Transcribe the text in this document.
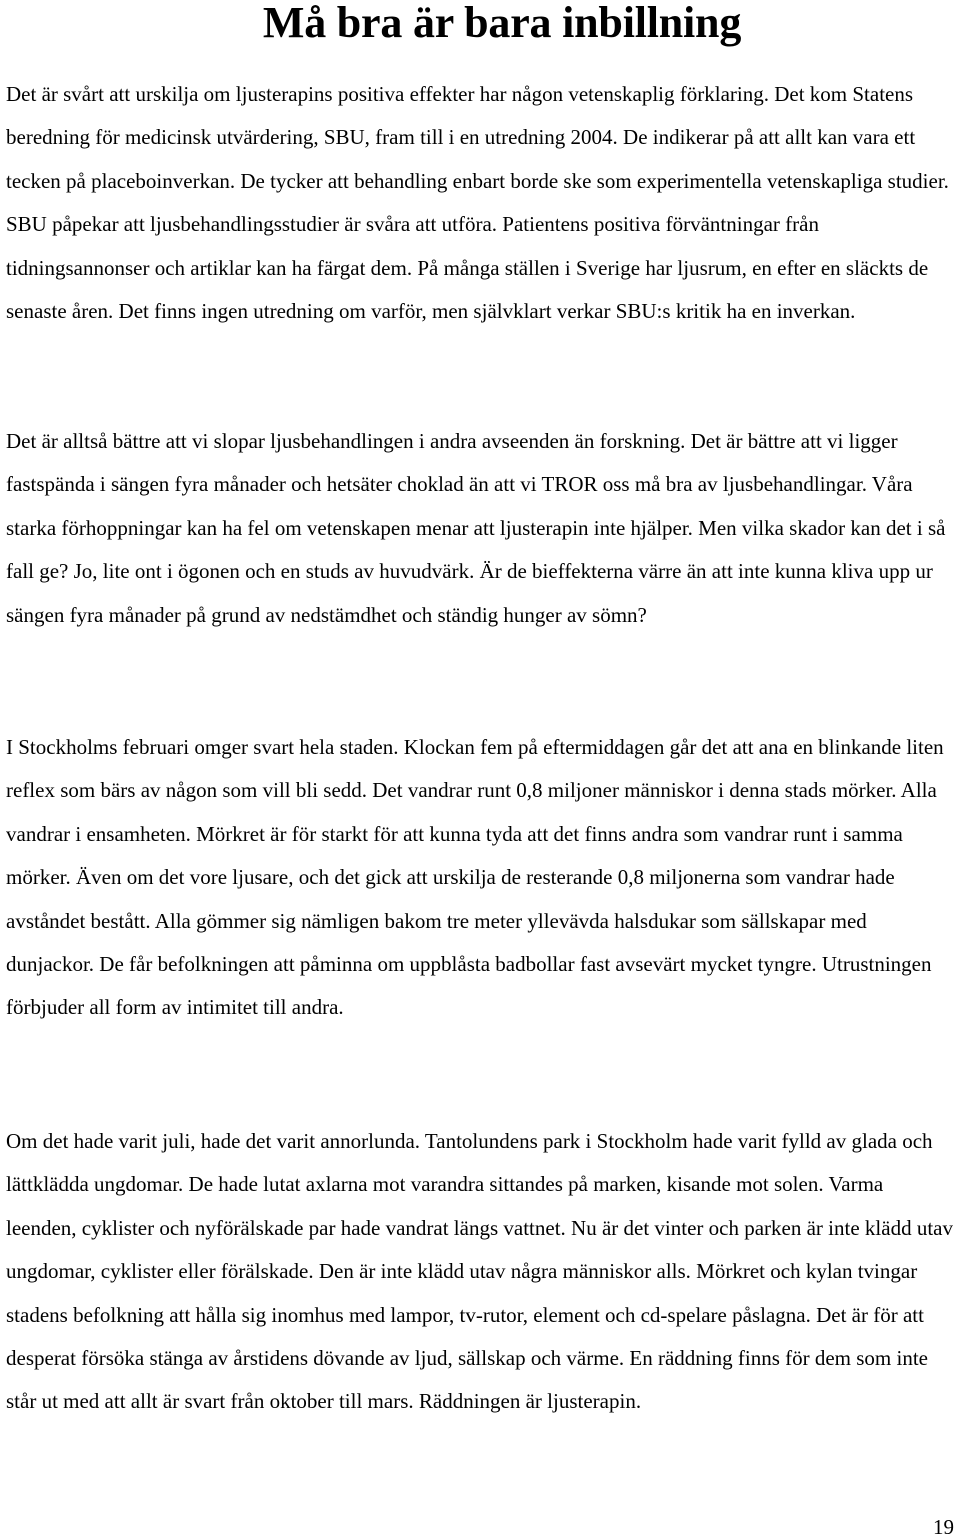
Må bra är bara inbillning

Det är svårt att urskilja om ljusterapins positiva effekter har någon vetenskaplig förklaring. Det kom Statens beredning för medicinsk utvärdering, SBU, fram till i en utredning 2004. De indikerar på att allt kan vara ett tecken på placeboinverkan. De tycker att behandling enbart borde ske som experimentella vetenskapliga studier. SBU påpekar att ljusbehandlingsstudier är svåra att utföra. Patientens positiva förväntningar från tidningsannonser och artiklar kan ha färgat dem. På många ställen i Sverige har ljusrum, en efter en släckts de senaste åren. Det finns ingen utredning om varför, men självklart verkar SBU:s kritik ha en inverkan.

Det är alltså bättre att vi slopar ljusbehandlingen i andra avseenden än forskning. Det är bättre att vi ligger fastspända i sängen fyra månader och hetsäter choklad än att vi TROR oss må bra av ljusbehandlingar. Våra starka förhoppningar kan ha fel om vetenskapen menar att ljusterapin inte hjälper. Men vilka skador kan det i så fall ge? Jo, lite ont i ögonen och en studs av huvudvärk. Är de bieffekterna värre än att inte kunna kliva upp ur sängen fyra månader på grund av nedstämdhet och ständig hunger av sömn?

I Stockholms februari omger svart hela staden. Klockan fem på eftermiddagen går det att ana en blinkande liten reflex som bärs av någon som vill bli sedd. Det vandrar runt 0,8 miljoner människor i denna stads mörker. Alla vandrar i ensamheten. Mörkret är för starkt för att kunna tyda att det finns andra som vandrar runt i samma mörker. Även om det vore ljusare, och det gick att urskilja de resterande 0,8 miljonerna som vandrar hade avståndet bestått. Alla gömmer sig nämligen bakom tre meter yllevävda halsdukar som sällskapar med dunjackor. De får befolkningen att påminna om uppblåsta badbollar fast avsevärt mycket tyngre. Utrustningen förbjuder all form av intimitet till andra.

Om det hade varit juli, hade det varit annorlunda. Tantolundens park i Stockholm hade varit fylld av glada och lättklädda ungdomar. De hade lutat axlarna mot varandra sittandes på marken, kisande mot solen. Varma leenden, cyklister och nyförälskade par hade vandrat längs vattnet. Nu är det vinter och parken är inte klädd utav ungdomar, cyklister eller förälskade. Den är inte klädd utav några människor alls. Mörkret och kylan tvingar stadens befolkning att hålla sig inomhus med lampor, tv-rutor, element och cd-spelare påslagna. Det är för att desperat försöka stänga av årstidens dövande av ljud, sällskap och värme. En räddning finns för dem som inte står ut med att allt är svart från oktober till mars. Räddningen är ljusterapin.

19
